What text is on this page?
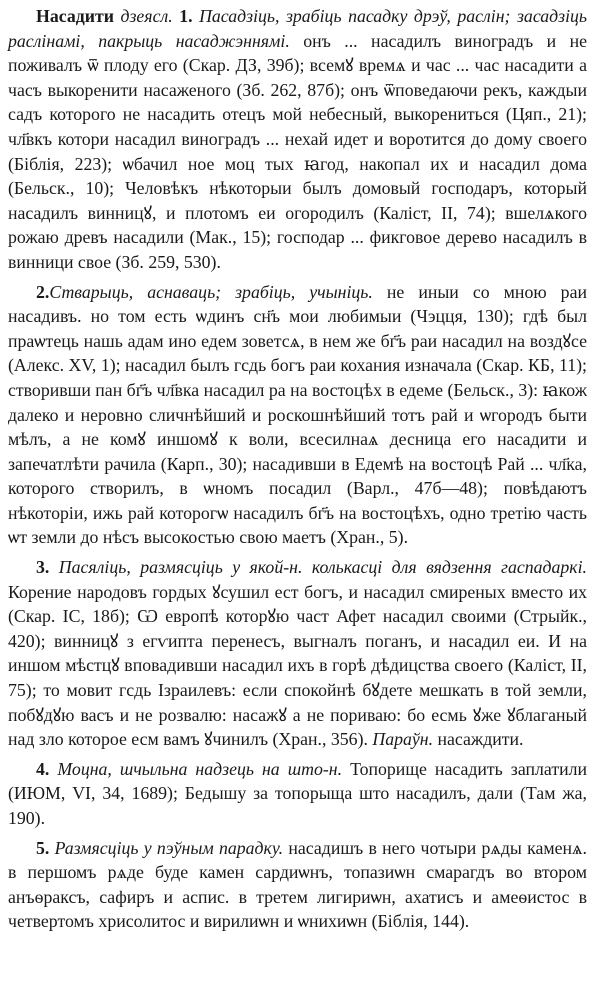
Насадити дзеясл. 1. Пасадзіць, зрабіць пасадку дрэў, раслін; засадзіць раслінамі, пакрыць насаджэннямі. онъ ... насадилъ виноградъ и не поживалъ ѿ плоду его (Скар. ДЗ, 39б); всемꙋ времѧ и час ... час насадити а часъ выкоренити насаженого (Зб. 262, 87б); онъ ѿповедаючи рекъ, каждыи садъ которого не насадить отецъ мой небесный, выкорениться (Цяп., 21); чл҃вкъ котори насадил виноградъ ... нехай идет и воротится до дому своего (Біблія, 223); ѡбачил ное моц тых ꙗгод, накопал их и насадил дома (Бельск., 10); Человѣкъ нѣкоторыи былъ домовый господаръ, который насадилъ винницꙋ, и плотомъ еи огородилъ (Каліст, II, 74); вшелѧкого рожаю древъ насадили (Мак., 15); господар ... фикговое дерево насадилъ в винници свое (Зб. 259, 530).

2.Стварыць, аснаваць; зрабіць, учыніць. не иныи со мною раи насадивъ. но том есть ѡдинъ сн҃ъ мои любимыи (Чэцця, 130); гдѣ был праѡтець нашь адам ино едем зоветсѧ, в нем же бг҃ъ раи насадил на воздꙋсе (Алекс. XV, 1); насадил былъ гсдь богъ раи кохания изначала (Скар. КБ, 11); створивши пан бг҃ъ чл҃вка насадил ра на востоцѣх в едеме (Бельск., 3): ꙗкож далеко и неровно сличнѣйший и роскошнѣйший тотъ рай и ѡгородъ быти мѣлъ, а не комꙋ иншомꙋ к воли, всесилнаѧ десница его насадити и запечатлѣти рачила (Карп., 30); насадивши в Едемѣ на востоцѣ Рай ... чл҃ка, которого створилъ, в ѡномъ посадил (Варл., 47б—48); повѣдаютъ нѣкоторіи, ижь рай которогѡ насадилъ бг҃ъ на востоцѣхъ, одно третію часть ѡт земли до нѣсъ высокостью свою маетъ (Хран., 5).

3. Пасяліць, размясціць у якой-н. колькасці для вядзення гаспадаркі. Корение народовъ гордых ꙋсушил ест богъ, и насадил смиреных вместо их (Скар. ІС, 18б); Ѡ европѣ которꙋю част Афет насадил своими (Стрыйк., 420); винницꙋ з егѵипта перенесъ, выгналъ поганъ, и насадил еи. И на иншом мѣстцꙋ вповадивши насадил ихъ в горѣ дѣдицства своего (Каліст, II, 75); то мовит гсдь Ізраилевъ: если спокойнѣ бꙋдете мешкать в той земли, побꙋдꙋю васъ и не розвалю: насажꙋ а не пориваю: бо есмь ꙋже ꙋблаганый над зло которое есм вамъ ꙋчинилъ (Хран., 356). Параўн. насаждити.

4. Моцна, шчыльна надзець на што-н. Топорище насадить заплатили (ИЮМ, VI, 34, 1689); Бедышу за топорыща што насадилъ, дали (Там жа, 190).

5. Размясціць у пэўным парадку. насадишъ в него чотыри рѧды каменѧ. в першомъ рѧде буде камен сардиѡнъ, топазиѡн смарагдъ во втором анъѳраксъ, сафиръ и аспис. в третем лигириѡн, ахатисъ и амеѳистос в четвертомъ хрисолитос и вирилиѡн и ѡнихиѡн (Біблія, 144).
